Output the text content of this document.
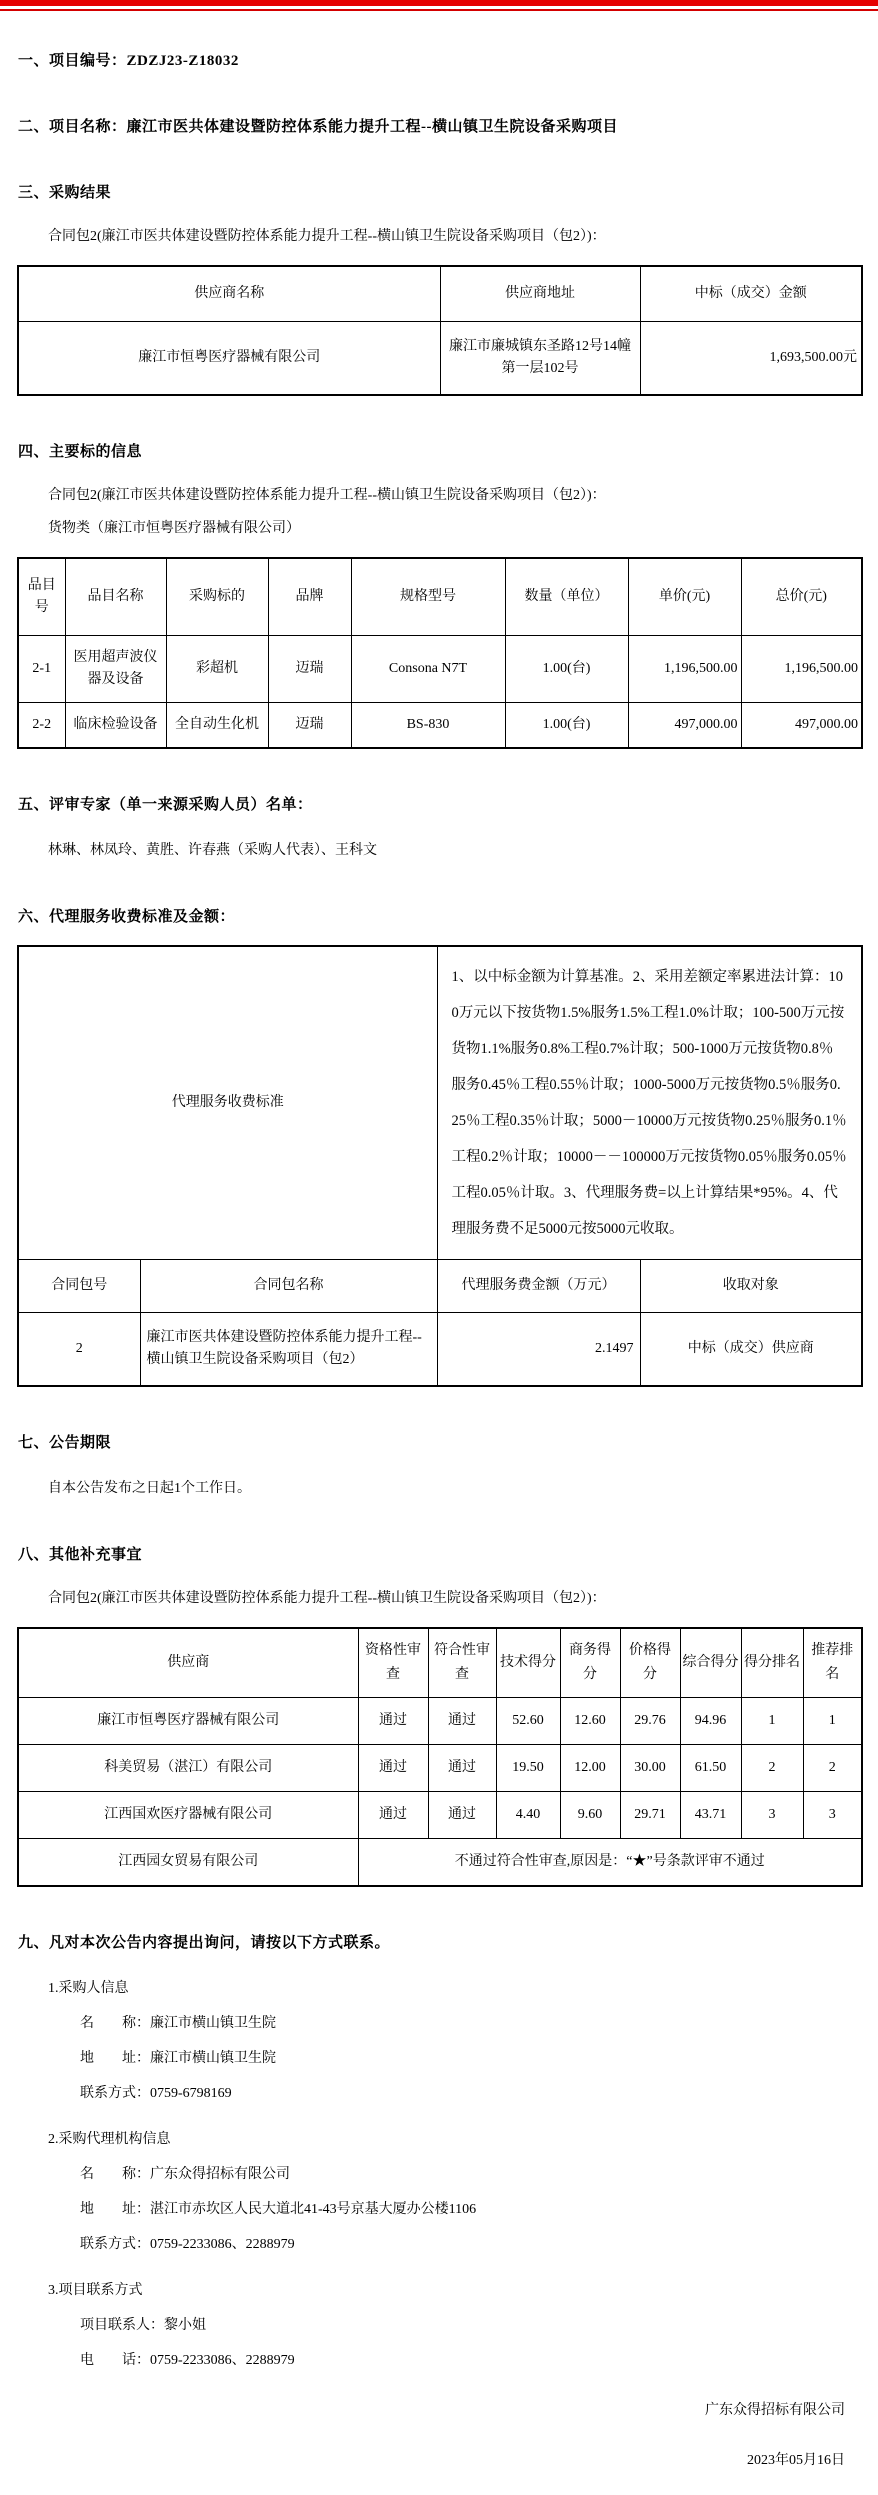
一、项目编号：ZDZJ23-Z18032
二、项目名称：廉江市医共体建设暨防控体系能力提升工程--横山镇卫生院设备采购项目
三、采购结果

合同包2(廉江市医共体建设暨防控体系能力提升工程--横山镇卫生院设备采购项目（包2）)：

供应商名称	供应商地址	中标（成交）金额
廉江市恒粤医疗器械有限公司	廉江市廉城镇东圣路12号14幢第一层102号	1,693,500.00元
四、主要标的信息

合同包2(廉江市医共体建设暨防控体系能力提升工程--横山镇卫生院设备采购项目（包2）)：

货物类（廉江市恒粤医疗器械有限公司）

品目号	品目名称	采购标的	品牌	规格型号	数量（单位）	单价(元)	总价(元)
2-1	医用超声波仪器及设备	彩超机	迈瑞	Consona N7T	1.00(台)	1,196,500.00	1,196,500.00
2-2	临床检验设备	全自动生化机	迈瑞	BS-830	1.00(台)	497,000.00	497,000.00
五、评审专家（单一来源采购人员）名单：

林琳、林凤玲、黄胜、许春燕（采购人代表）、王科文

六、代理服务收费标准及金额：
代理服务收费标准		1、以中标金额为计算基准。2、采用差额定率累进法计算：100万元以下按货物1.5%服务1.5%工程1.0%计取；100-500万元按货物1.1%服务0.8%工程0.7%计取；500-1000万元按货物0.8％服务0.45％工程0.55％计取；1000-5000万元按货物0.5％服务0.25％工程0.35％计取；5000－10000万元按货物0.25％服务0.1％工程0.2％计取；10000－－100000万元按货物0.05％服务0.05％工程0.05％计取。3、代理服务费=以上计算结果*95%。4、代理服务费不足5000元按5000元收取。	
合同包号	合同包名称	代理服务费金额（万元）	收取对象
2	廉江市医共体建设暨防控体系能力提升工程--横山镇卫生院设备采购项目（包2）	2.1497	中标（成交）供应商
七、公告期限

自本公告发布之日起1个工作日。

八、其他补充事宜

合同包2(廉江市医共体建设暨防控体系能力提升工程--横山镇卫生院设备采购项目（包2）)：

供应商	资格性审查	符合性审查	技术得分	商务得分	价格得分	综合得分	得分排名	推荐排名
廉江市恒粤医疗器械有限公司	通过	通过	52.60	12.60	29.76	94.96	1	1
科美贸易（湛江）有限公司	通过	通过	19.50	12.00	30.00	61.50	2	2
江西国欢医疗器械有限公司	通过	通过	4.40	9.60	29.71	43.71	3	3
江西园女贸易有限公司	不通过符合性审查,原因是：“★”号条款评审不通过							
九、凡对本次公告内容提出询问，请按以下方式联系。

1.采购人信息

名　　称：廉江市横山镇卫生院

地　　址：廉江市横山镇卫生院

联系方式：0759-6798169

2.采购代理机构信息

名　　称：广东众得招标有限公司

地　　址：湛江市赤坎区人民大道北41-43号京基大厦办公楼1106

联系方式：0759-2233086、2288979

3.项目联系方式

项目联系人：黎小姐

电　　话：0759-2233086、2288979

广东众得招标有限公司

2023年05月16日
